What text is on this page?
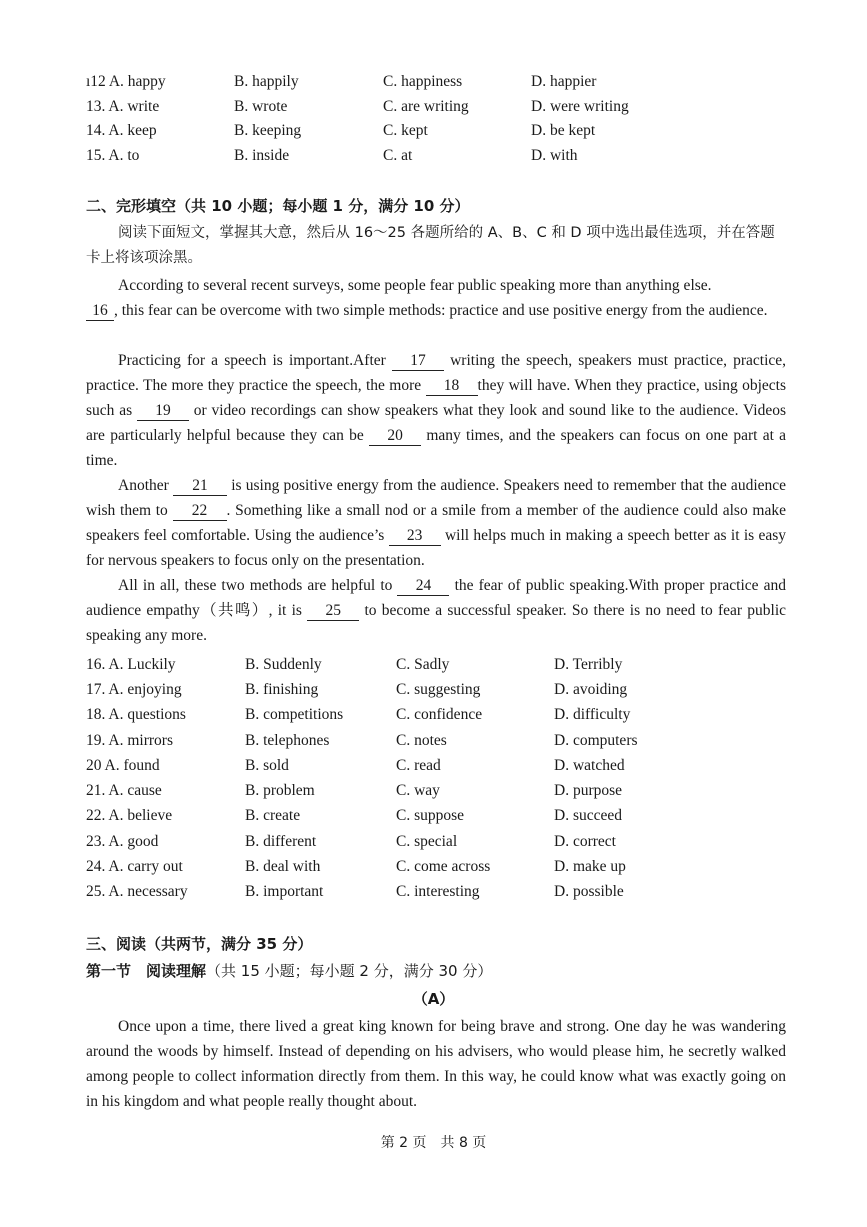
ı12 A. happy	B. happily	C. happiness	D. happier
13. A. write	B. wrote	C. are writing	D. were writing
14. A. keep	B. keeping	C. kept	D. be kept
15. A. to	B. inside	C. at	D. with
二、完形填空（共 10 小题；每小题 1 分，满分 10 分）
阅读下面短文，掌握其大意，然后从 16～25 各题所给的 A、B、C 和 D 项中选出最佳选项，并在答题卡上将该项涂黑。
According to several recent surveys, some people fear public speaking more than anything else.
16 , this fear can be overcome with two simple methods: practice and use positive energy from the audience.
Practicing for a speech is important.After 17 writing the speech, speakers must practice, practice, practice. The more they practice the speech, the more 18 they will have. When they practice, using objects such as 19 or video recordings can show speakers what they look and sound like to the audience. Videos are particularly helpful because they can be 20 many times, and the speakers can focus on one part at a time.
Another 21 is using positive energy from the audience. Speakers need to remember that the audience wish them to 22 . Something like a small nod or a smile from a member of the audience could also make speakers feel comfortable. Using the audience’s 23 will helps much in making a speech better as it is easy for nervous speakers to focus only on the presentation.
All in all, these two methods are helpful to 24 the fear of public speaking.With proper practice and audience empathy（共鸣）, it is 25 to become a successful speaker. So there is no need to fear public speaking any more.
16. A. Luckily	B. Suddenly	C. Sadly	D. Terribly
17. A. enjoying	B. finishing	C. suggesting	D. avoiding
18. A. questions	B. competitions	C. confidence	D. difficulty
19. A. mirrors	B. telephones	C. notes	D. computers
20 A. found	B. sold	C. read	D. watched
21. A. cause	B. problem	C. way	D. purpose
22. A. believe	B. create	C. suppose	D. succeed
23. A. good	B. different	C. special	D. correct
24. A. carry out	B. deal with	C. come across	D. make up
25. A. necessary	B. important	C. interesting	D. possible
三、阅读（共两节，满分 35 分）
第一节　阅读理解（共 15 小题；每小题 2 分，满分 30 分）
（A）
Once upon a time, there lived a great king known for being brave and strong. One day he was wandering around the woods by himself. Instead of depending on his advisers, who would please him, he secretly walked among people to collect information directly from them. In this way, he could know what was exactly going on in his kingdom and what people really thought about.
第 2 页　共 8 页
